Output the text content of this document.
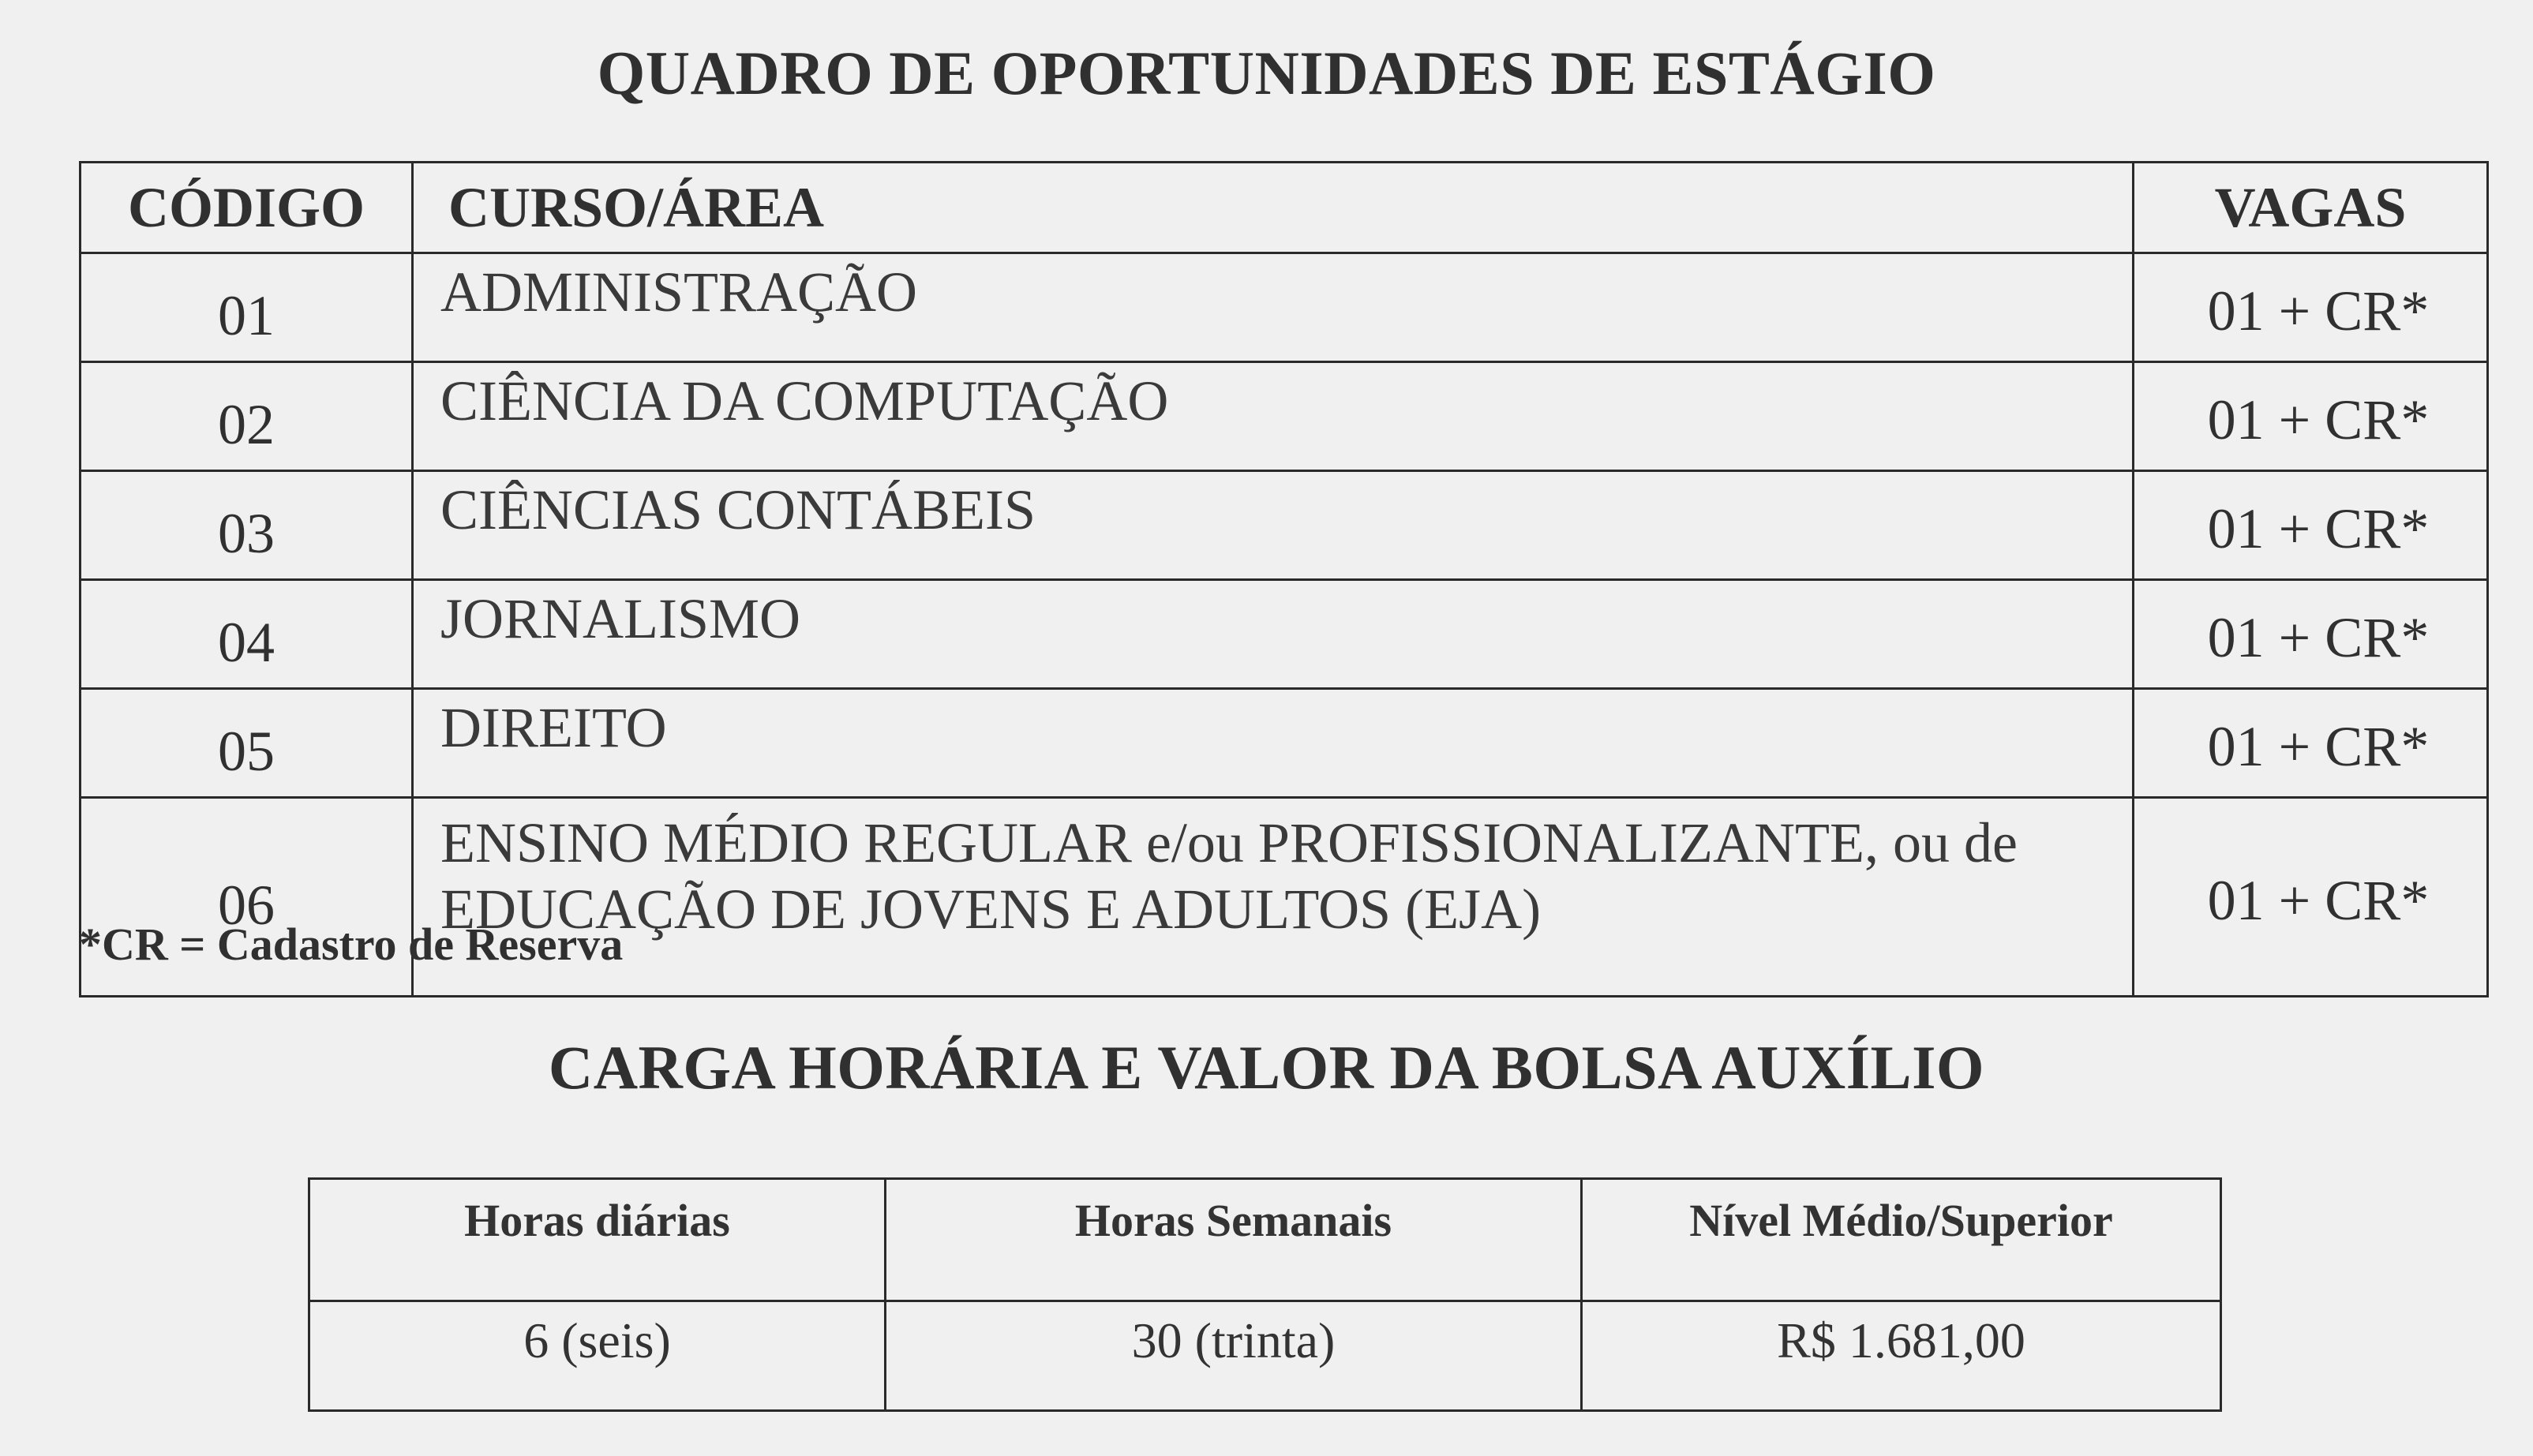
QUADRO DE OPORTUNIDADES DE ESTÁGIO
CÓDIGO	CURSO/ÁREA	VAGAS
01	ADMINISTRAÇÃO	01 + CR*
02	CIÊNCIA DA COMPUTAÇÃO	01 + CR*
03	CIÊNCIAS CONTÁBEIS	01 + CR*
04	JORNALISMO	01 + CR*
05	DIREITO	01 + CR*
06	ENSINO MÉDIO REGULAR e/ou PROFISSIONALIZANTE, ou de
EDUCAÇÃO DE JOVENS E ADULTOS (EJA)	01 + CR*
*CR = Cadastro de Reserva
CARGA HORÁRIA E VALOR DA BOLSA AUXÍLIO
Horas diárias	Horas Semanais	Nível Médio/Superior
6 (seis)	30 (trinta)	R$ 1.681,00
